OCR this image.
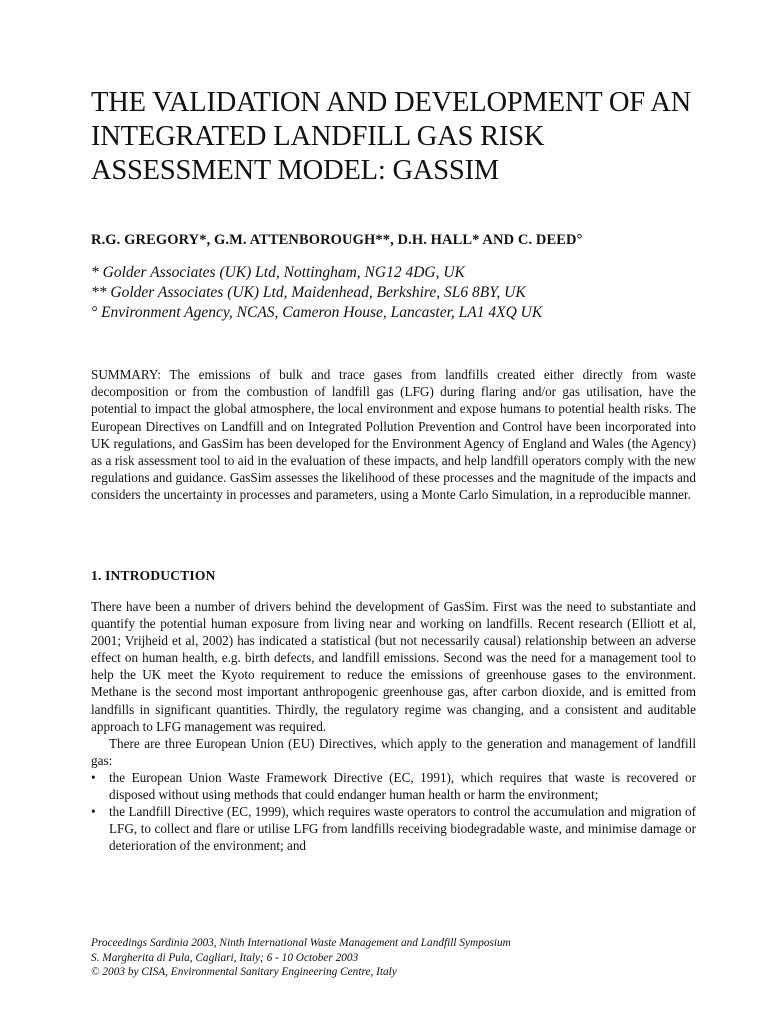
THE VALIDATION AND DEVELOPMENT OF AN INTEGRATED LANDFILL GAS RISK ASSESSMENT MODEL: GASSIM

R.G. GREGORY*, G.M. ATTENBOROUGH**, D.H. HALL* AND C. DEED°

* Golder Associates (UK) Ltd, Nottingham, NG12 4DG, UK
** Golder Associates (UK) Ltd, Maidenhead, Berkshire, SL6 8BY, UK
° Environment Agency, NCAS, Cameron House, Lancaster, LA1 4XQ UK

SUMMARY: The emissions of bulk and trace gases from landfills created either directly from waste decomposition or from the combustion of landfill gas (LFG) during flaring and/or gas utilisation, have the potential to impact the global atmosphere, the local environment and expose humans to potential health risks. The European Directives on Landfill and on Integrated Pollution Prevention and Control have been incorporated into UK regulations, and GasSim has been developed for the Environment Agency of England and Wales (the Agency) as a risk assessment tool to aid in the evaluation of these impacts, and help landfill operators comply with the new regulations and guidance. GasSim assesses the likelihood of these processes and the magnitude of the impacts and considers the uncertainty in processes and parameters, using a Monte Carlo Simulation, in a reproducible manner.

1. INTRODUCTION

There have been a number of drivers behind the development of GasSim. First was the need to substantiate and quantify the potential human exposure from living near and working on landfills. Recent research (Elliott et al, 2001; Vrijheid et al, 2002) has indicated a statistical (but not necessarily causal) relationship between an adverse effect on human health, e.g. birth defects, and landfill emissions. Second was the need for a management tool to help the UK meet the Kyoto requirement to reduce the emissions of greenhouse gases to the environment. Methane is the second most important anthropogenic greenhouse gas, after carbon dioxide, and is emitted from landfills in significant quantities. Thirdly, the regulatory regime was changing, and a consistent and auditable approach to LFG management was required.

There are three European Union (EU) Directives, which apply to the generation and management of landfill gas:

• the European Union Waste Framework Directive (EC, 1991), which requires that waste is recovered or disposed without using methods that could endanger human health or harm the environment;
• the Landfill Directive (EC, 1999), which requires waste operators to control the accumulation and migration of LFG, to collect and flare or utilise LFG from landfills receiving biodegradable waste, and minimise damage or deterioration of the environment; and
Proceedings Sardinia 2003, Ninth International Waste Management and Landfill Symposium
S. Margherita di Pula, Cagliari, Italy; 6 - 10 October 2003
© 2003 by CISA, Environmental Sanitary Engineering Centre, Italy
